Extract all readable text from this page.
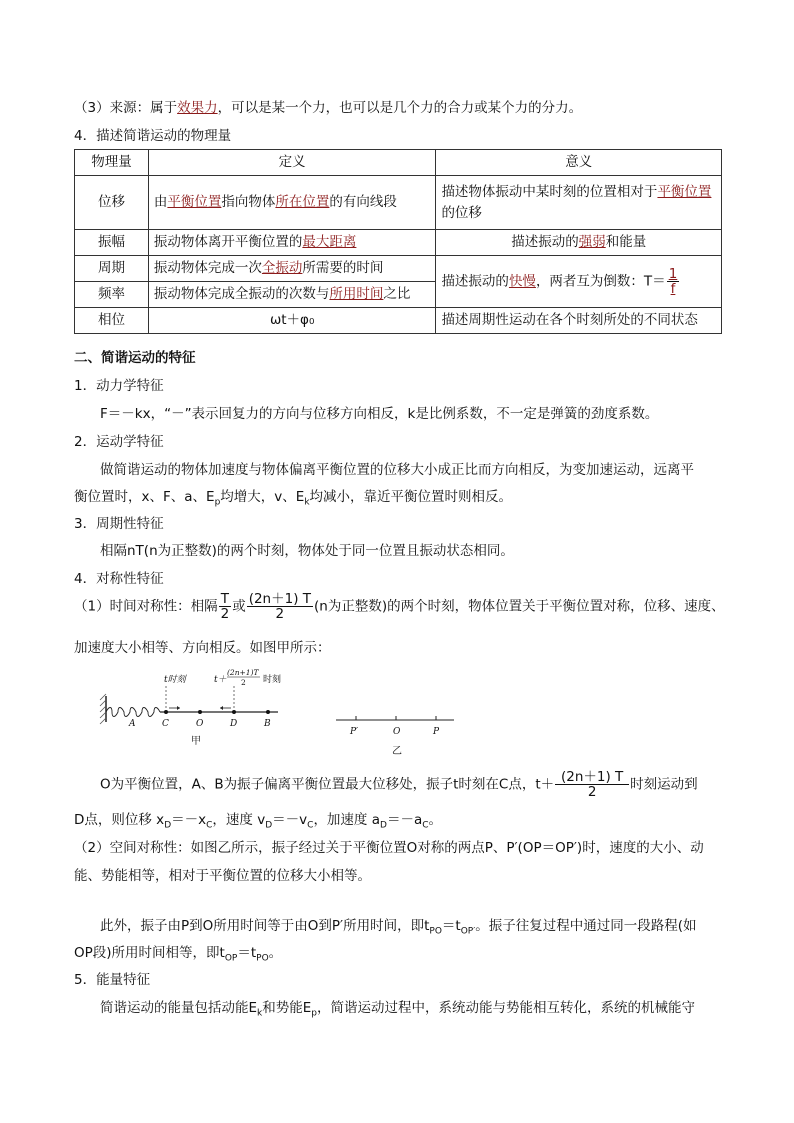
（3）来源：属于效果力，可以是某一个力，也可以是几个力的合力或某个力的分力。
4．描述简谐运动的物理量
物理量	定义	意义
位移	由平衡位置指向物体所在位置的有向线段	描述物体振动中某时刻的位置相对于平衡位置的位移
振幅	振动物体离开平衡位置的最大距离	描述振动的强弱和能量
周期	振动物体完成一次全振动所需要的时间	描述振动的快慢，两者互为倒数：$T= \frac{1}{f}$

频率	振动物体完成全振动的次数与所用时间之比	
相位	ωt＋φ₀	描述周期性运动在各个时刻所处的不同状态
二、简谐运动的特征
1．动力学特征
F＝－kx，“－”表示回复力的方向与位移方向相反，k是比例系数，不一定是弹簧的劲度系数。
2．运动学特征
做简谐运动的物体加速度与物体偏离平衡位置的位移大小成正比而方向相反，为变加速运动，远离平
衡位置时，x、F、a、$E_p$均增大，v、$E_k$均减小，靠近平衡位置时则相反。
3．周期性特征
相隔nT(n为正整数)的两个时刻，物体处于同一位置且振动状态相同。
4．对称性特征
（1）时间对称性：相隔 $\frac{T}{2}$ 或 $\frac{(2n+1) T}{2} (n$为正整数)的两个时刻，物体位置关于平衡位置对称，位移、速度、
加速度大小相等、方向相反。如图甲所示：
t时刻	t＋
(2n+1)T
2 时刻
A	C	O	D	B
甲
P′	O	P
乙
O为平衡位置，A、B为振子偏离平衡位置最大位移处，振子t时刻在C点，$t+ \frac{(2n+1) T}{2}$ 时刻运动到
D点，则位移 $x_D=-x_C$，速度 $v_D=-v_C$，加速度 $a_D=-a_C$。
（2）空间对称性：如图乙所示，振子经过关于平衡位置O对称的两点P、P′(OP＝OP′)时，速度的大小、动
能、势能相等，相对于平衡位置的位移大小相等。
此外，振子由P到O所用时间等于由O到P′所用时间，即$t_{PO}=t_{OP'}$。振子往复过程中通过同一段路程(如
OP段)所用时间相等，即$t_{OP}=t_{PO}$。
5．能量特征
简谐运动的能量包括动能$E_k$和势能$E_p$，简谐运动过程中，系统动能与势能相互转化，系统的机械能守
